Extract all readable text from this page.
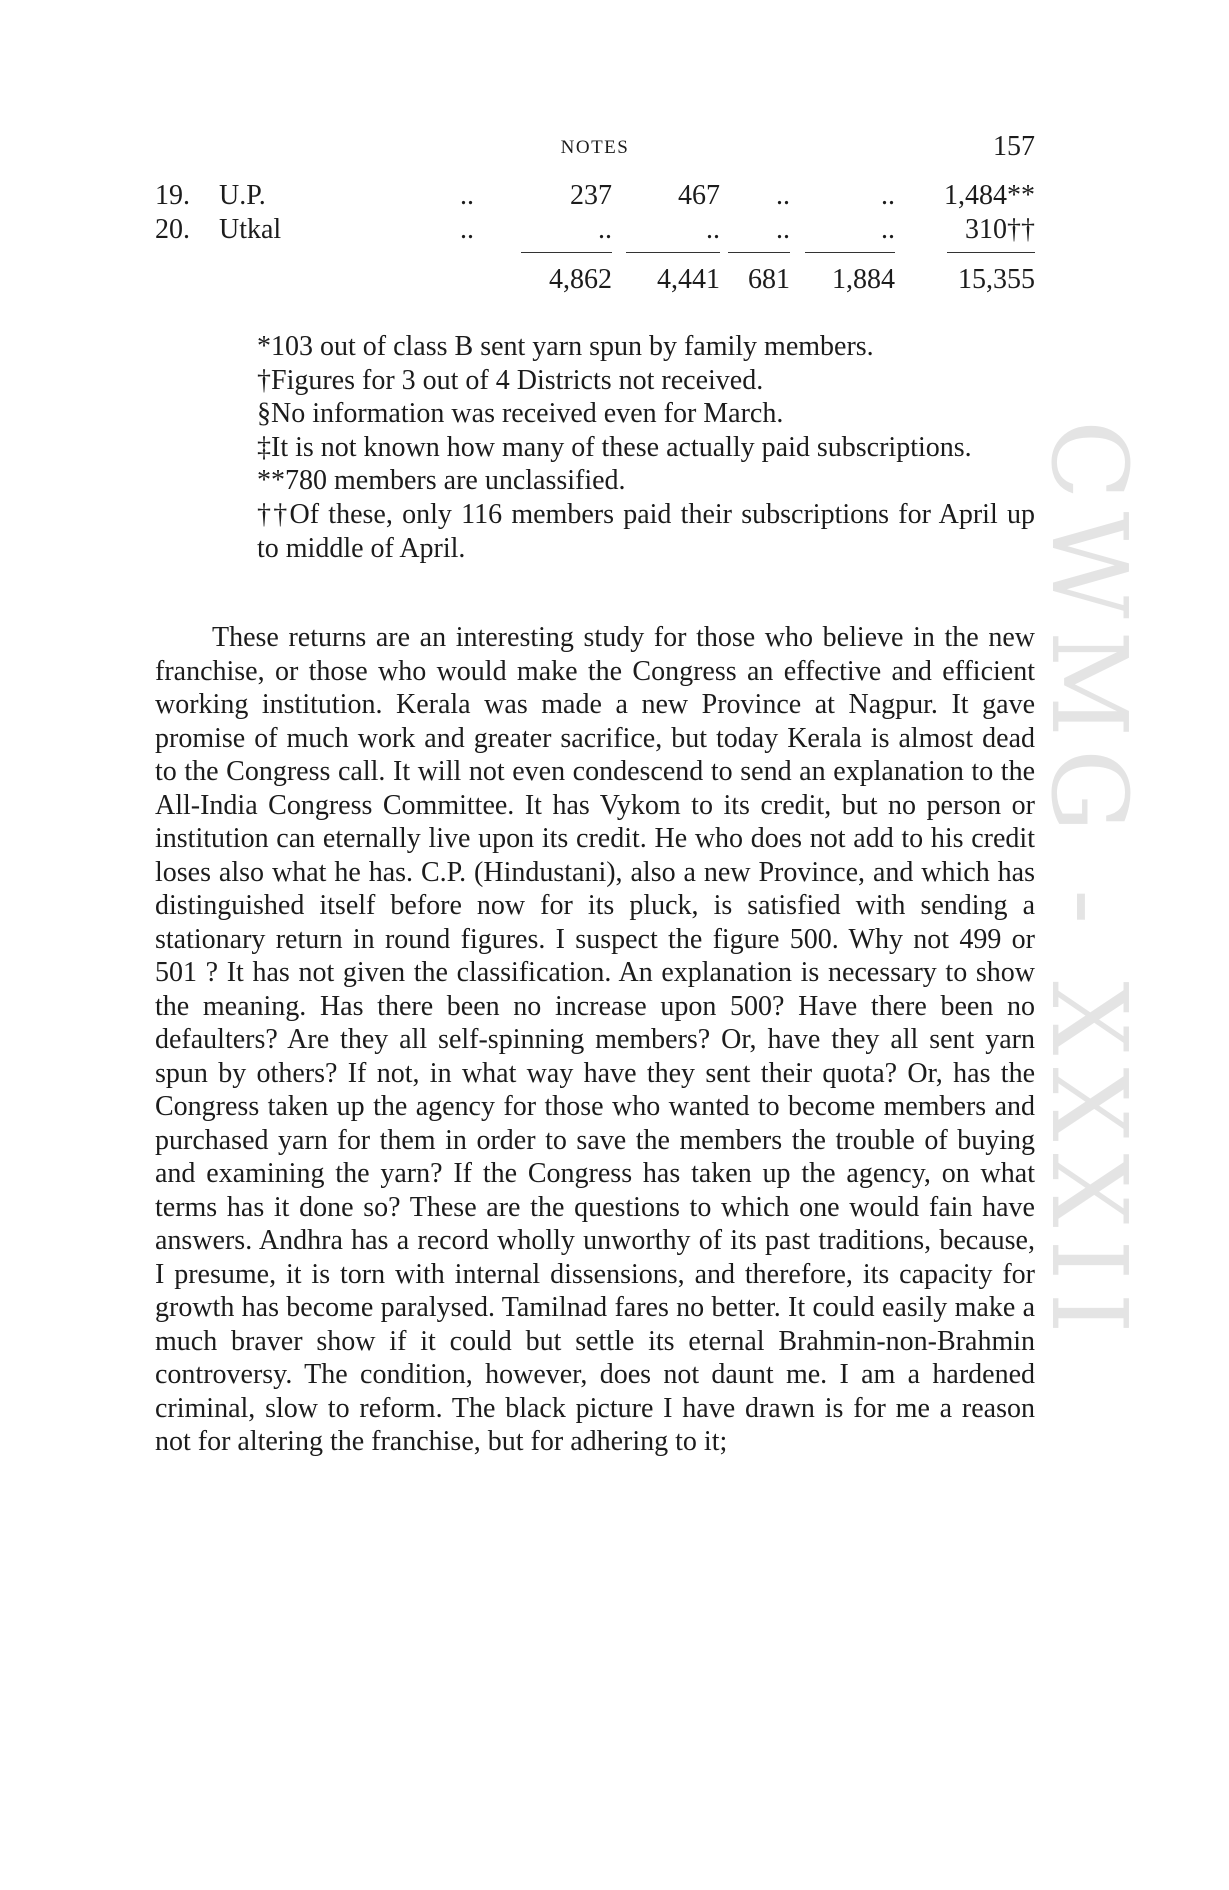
NOTES	157
19. U.P.	..	237	467	..	..	1,484**
20. Utkal	..	..	..	..	..	310††
4,862	4,441	681	1,884	15,355
*103 out of class B sent yarn spun by family members.
†Figures for 3 out of 4 Districts not received.
§No information was received even for March.
‡It is not known how many of these actually paid subscriptions.
**780 members are unclassified.
††Of these, only 116 members paid their subscriptions for April up to middle of April.

These returns are an interesting study for those who believe in the new franchise, or those who would make the Congress an effective and efficient working institution. Kerala was made a new Province at Nagpur. It gave promise of much work and greater sacrifice, but today Kerala is almost dead to the Congress call. It will not even condescend to send an explanation to the All-India Congress Committee. It has Vykom to its credit, but no person or institution can eternally live upon its credit. He who does not add to his credit loses also what he has. C.P. (Hindustani), also a new Province, and which has distinguished itself before now for its pluck, is satisfied with sending a stationary return in round figures. I suspect the figure 500. Why not 499 or 501 ? It has not given the classification. An explanation is necessary to show the meaning. Has there been no increase upon 500? Have there been no defaulters? Are they all self-spinning members? Or, have they all sent yarn spun by others? If not, in what way have they sent their quota? Or, has the Congress taken up the agency for those who wanted to become members and purchased yarn for them in order to save the members the trouble of buying and examining the yarn? If the Congress has taken up the agency, on what terms has it done so? These are the questions to which one would fain have answers. Andhra has a record wholly unworthy of its past traditions, because, I presume, it is torn with internal dissensions, and therefore, its capacity for growth has become paralysed. Tamilnad fares no better. It could easily make a much braver show if it could but settle its eternal Brahmin-non-Brahmin controversy. The condition, however, does not daunt me. I am a hardened criminal, slow to reform. The black picture I have drawn is for me a reason not for altering the franchise, but for adhering to it;

CWMG - XXXII
